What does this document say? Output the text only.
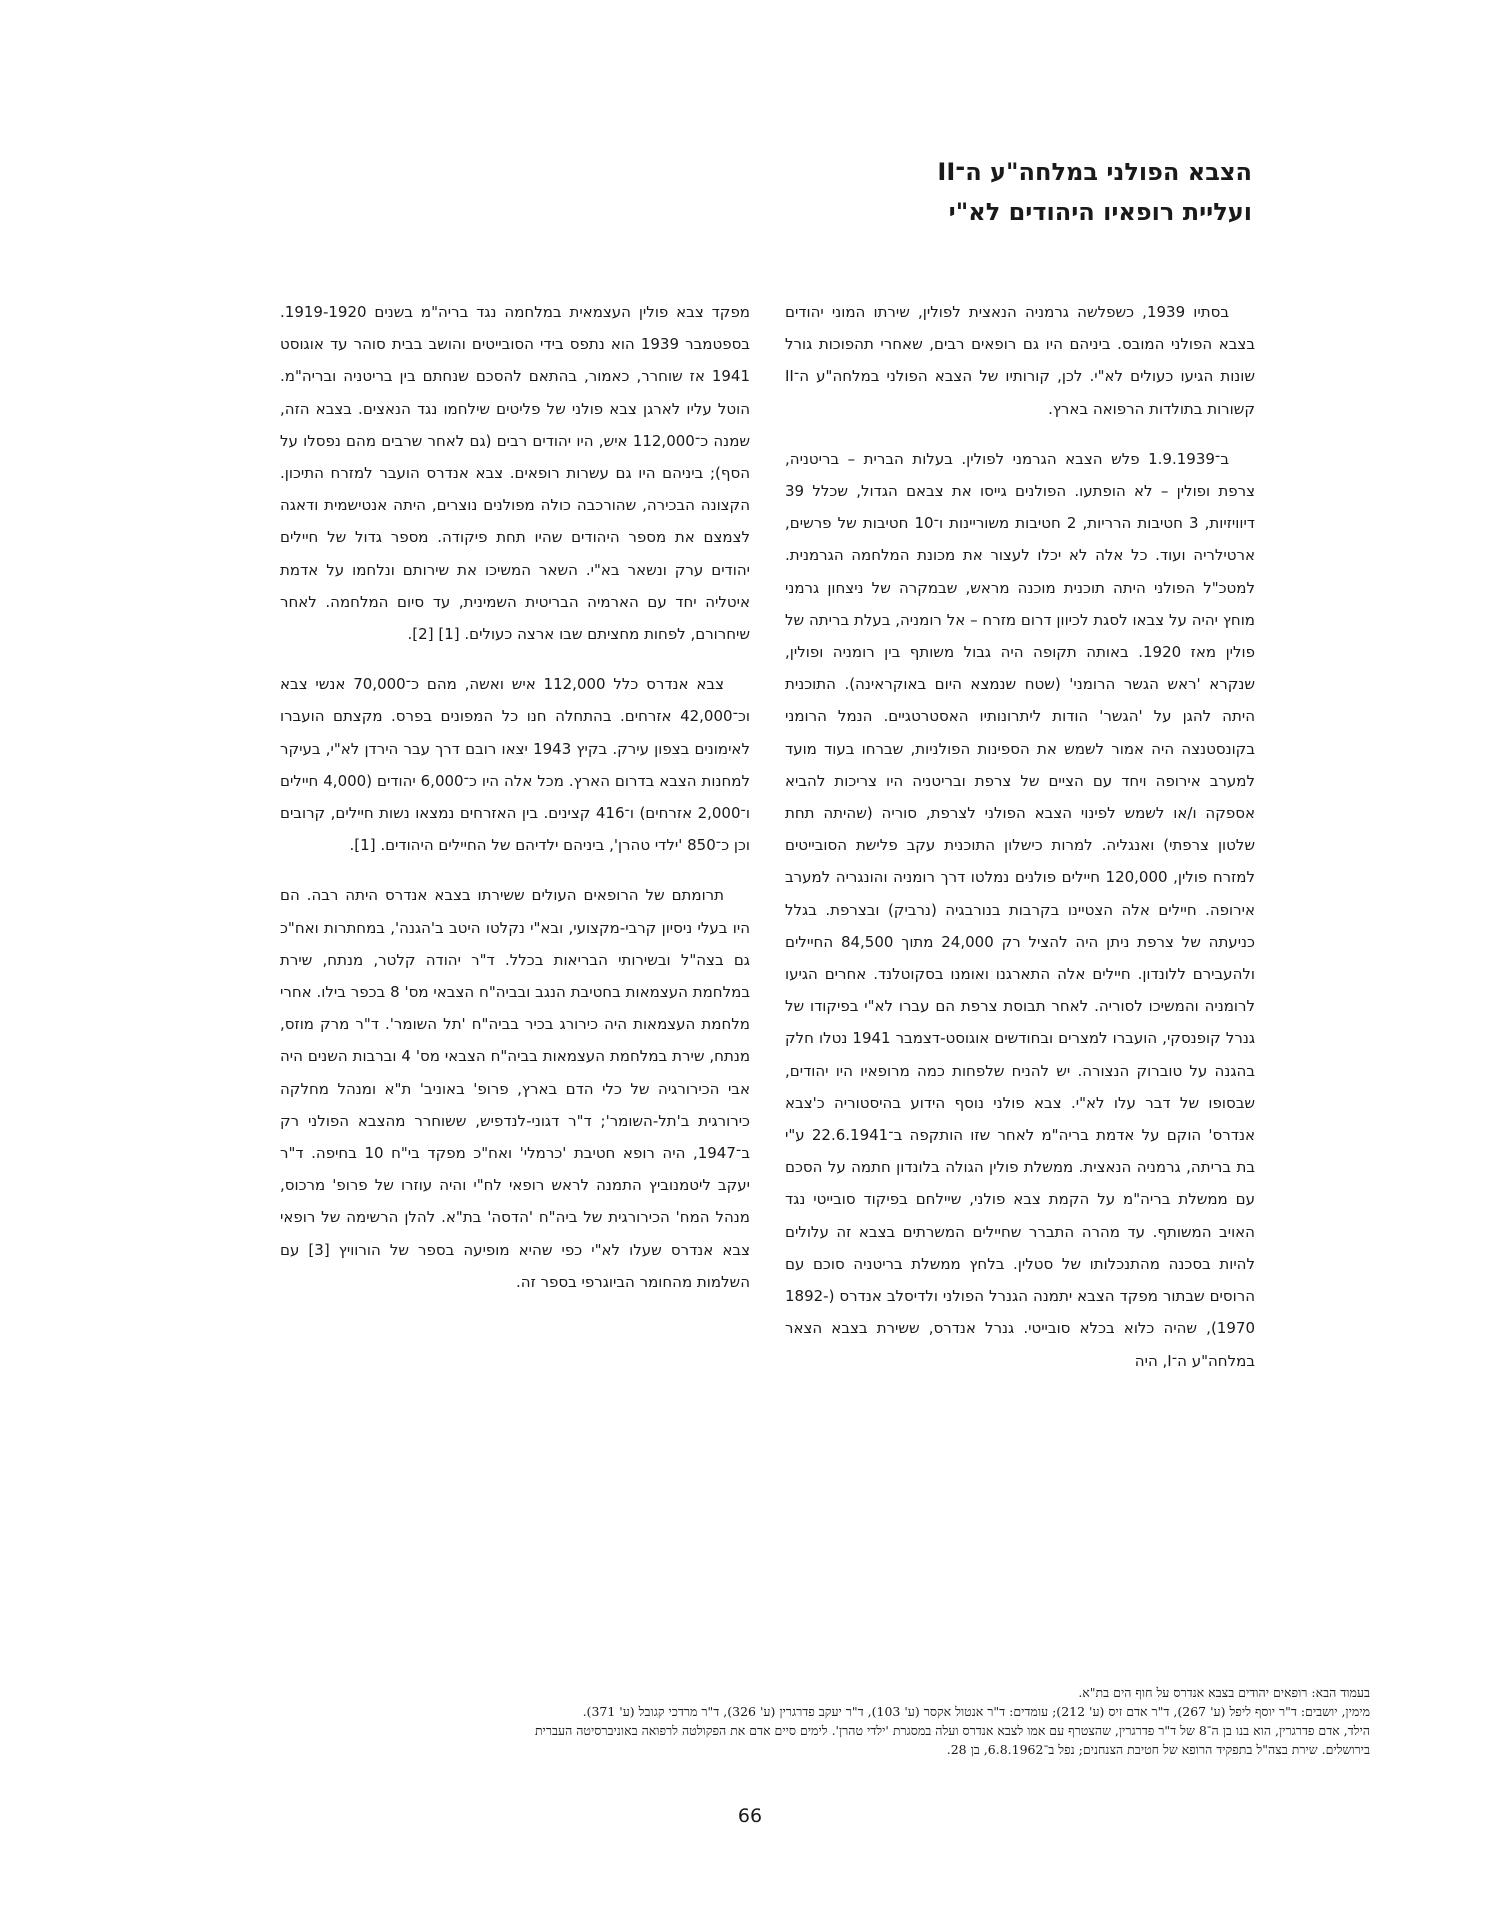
הצבא הפולני במלחה"ע ה־II
ועליית רופאיו היהודים לא"י

בסתיו 1939, כשפלשה גרמניה הנאצית לפולין, שירתו המוני יהודים בצבא הפולני המובס. ביניהם היו גם רופאים רבים, שאחרי תהפוכות גורל שונות הגיעו כעולים לא"י. לכן, קורותיו של הצבא הפולני במלחה"ע ה־II קשורות בתולדות הרפואה בארץ.

ב־1.9.1939 פלש הצבא הגרמני לפולין. בעלות הברית – בריטניה, צרפת ופולין – לא הופתעו. הפולנים גייסו את צבאם הגדול, שכלל 39 דיוויזיות, 3 חטיבות הרריות, 2 חטיבות משוריינות ו־10 חטיבות של פרשים, ארטילריה ועוד. כל אלה לא יכלו לעצור את מכונת המלחמה הגרמנית. למטכ"ל הפולני היתה תוכנית מוכנה מראש, שבמקרה של ניצחון גרמני מוחץ יהיה על צבאו לסגת לכיוון דרום מזרח – אל רומניה, בעלת בריתה של פולין מאז 1920. באותה תקופה היה גבול משותף בין רומניה ופולין, שנקרא 'ראש הגשר הרומני' (שטח שנמצא היום באוקראינה). התוכנית היתה להגן על 'הגשר' הודות ליתרונותיו האסטרטגיים. הנמל הרומני בקונסטנצה היה אמור לשמש את הספינות הפולניות, שברחו בעוד מועד למערב אירופה ויחד עם הציים של צרפת ובריטניה היו צריכות להביא אספקה ו/או לשמש לפינוי הצבא הפולני לצרפת, סוריה (שהיתה תחת שלטון צרפתי) ואנגליה. למרות כישלון התוכנית עקב פלישת הסובייטים למזרח פולין, 120,000 חיילים פולנים נמלטו דרך רומניה והונגריה למערב אירופה. חיילים אלה הצטיינו בקרבות בנורבגיה (נרביק) ובצרפת. בגלל כניעתה של צרפת ניתן היה להציל רק 24,000 מתוך 84,500 החיילים ולהעבירם ללונדון. חיילים אלה התארגנו ואומנו בסקוטלנד. אחרים הגיעו לרומניה והמשיכו לסוריה. לאחר תבוסת צרפת הם עברו לא"י בפיקודו של גנרל קופנסקי, הועברו למצרים ובחודשים אוגוסט-דצמבר 1941 נטלו חלק בהגנה על טוברוק הנצורה. יש להניח שלפחות כמה מרופאיו היו יהודים, שבסופו של דבר עלו לא"י. צבא פולני נוסף הידוע בהיסטוריה כ'צבא אנדרס' הוקם על אדמת בריה"מ לאחר שזו הותקפה ב־22.6.1941 ע"י בת בריתה, גרמניה הנאצית. ממשלת פולין הגולה בלונדון חתמה על הסכם עם ממשלת בריה"מ על הקמת צבא פולני, שיילחם בפיקוד סובייטי נגד האויב המשותף. עד מהרה התברר שחיילים המשרתים בצבא זה עלולים להיות בסכנה מהתנכלותו של סטלין. בלחץ ממשלת בריטניה סוכם עם הרוסים שבתור מפקד הצבא יתמנה הגנרל הפולני ולדיסלב אנדרס (1892-1970), שהיה כלוא בכלא סובייטי. גנרל אנדרס, ששירת בצבא הצאר במלחה"ע ה־I, היה

מפקד צבא פולין העצמאית במלחמה נגד בריה"מ בשנים 1919-1920. בספטמבר 1939 הוא נתפס בידי הסובייטים והושב בבית סוהר עד אוגוסט 1941 אז שוחרר, כאמור, בהתאם להסכם שנחתם בין בריטניה ובריה"מ. הוטל עליו לארגן צבא פולני של פליטים שילחמו נגד הנאצים. בצבא הזה, שמנה כ־112,000 איש, היו יהודים רבים (גם לאחר שרבים מהם נפסלו על הסף); ביניהם היו גם עשרות רופאים. צבא אנדרס הועבר למזרח התיכון. הקצונה הבכירה, שהורכבה כולה מפולנים נוצרים, היתה אנטישמית ודאגה לצמצם את מספר היהודים שהיו תחת פיקודה. מספר גדול של חיילים יהודים ערק ונשאר בא"י. השאר המשיכו את שירותם ונלחמו על אדמת איטליה יחד עם הארמיה הבריטית השמינית, עד סיום המלחמה. לאחר שיחרורם, לפחות מחציתם שבו ארצה כעולים. [1] [2].

צבא אנדרס כלל 112,000 איש ואשה, מהם כ־70,000 אנשי צבא וכ־42,000 אזרחים. בהתחלה חנו כל המפונים בפרס. מקצתם הועברו לאימונים בצפון עירק. בקיץ 1943 יצאו רובם דרך עבר הירדן לא"י, בעיקר למחנות הצבא בדרום הארץ. מכל אלה היו כ־6,000 יהודים (4,000 חיילים ו־2,000 אזרחים) ו־416 קצינים. בין האזרחים נמצאו נשות חיילים, קרובים וכן כ־850 'ילדי טהרן', ביניהם ילדיהם של החיילים היהודים. [1].

תרומתם של הרופאים העולים ששירתו בצבא אנדרס היתה רבה. הם היו בעלי ניסיון קרבי-מקצועי, ובא"י נקלטו היטב ב'הגנה', במחתרות ואח"כ גם בצה"ל ובשירותי הבריאות בכלל. ד"ר יהודה קלטר, מנתח, שירת במלחמת העצמאות בחטיבת הנגב ובביה"ח הצבאי מס' 8 בכפר בילו. אחרי מלחמת העצמאות היה כירורג בכיר בביה"ח 'תל השומר'. ד"ר מרק מוזס, מנתח, שירת במלחמת העצמאות בביה"ח הצבאי מס' 4 וברבות השנים היה אבי הכירורגיה של כלי הדם בארץ, פרופ' באוניב' ת"א ומנהל מחלקה כירורגית ב'תל-השומר'; ד"ר דגוני-לנדפיש, ששוחרר מהצבא הפולני רק ב־1947, היה רופא חטיבת 'כרמלי' ואח"כ מפקד בי"ח 10 בחיפה. ד"ר יעקב ליטמנוביץ התמנה לראש רופאי לח"י והיה עוזרו של פרופ' מרכוס, מנהל המח' הכירורגית של ביה"ח 'הדסה' בת"א. להלן הרשימה של רופאי צבא אנדרס שעלו לא"י כפי שהיא מופיעה בספר של הורוויץ [3] עם השלמות מהחומר הביוגרפי בספר זה.

בעמוד הבא: רופאים יהודים בצבא אנדרס על חוף הים בת"א.
מימין, יושבים: ד"ר יוסף ליפל (ע' 267), ד"ר אדם זיס (ע' 212); עומדים: ד"ר אנטול אקסר (ע' 103), ד"ר יעקב פדרגרין (ע' 326), ד"ר מרדכי קגובל (ע' 371).
הילד, אדם פדרגרין, הוא בנו בן ה־8 של ד"ר פדרגרין, שהצטרף עם אמו לצבא אנדרס ועלה במסגרת 'ילדי טהרן'. לימים סיים אדם את הפקולטה לרפואה באוניברסיטה העברית
בירושלים. שירת בצה"ל בתפקיד הרופא של חטיבת הצנחנים; נפל ב־6.8.1962, בן 28.
66
